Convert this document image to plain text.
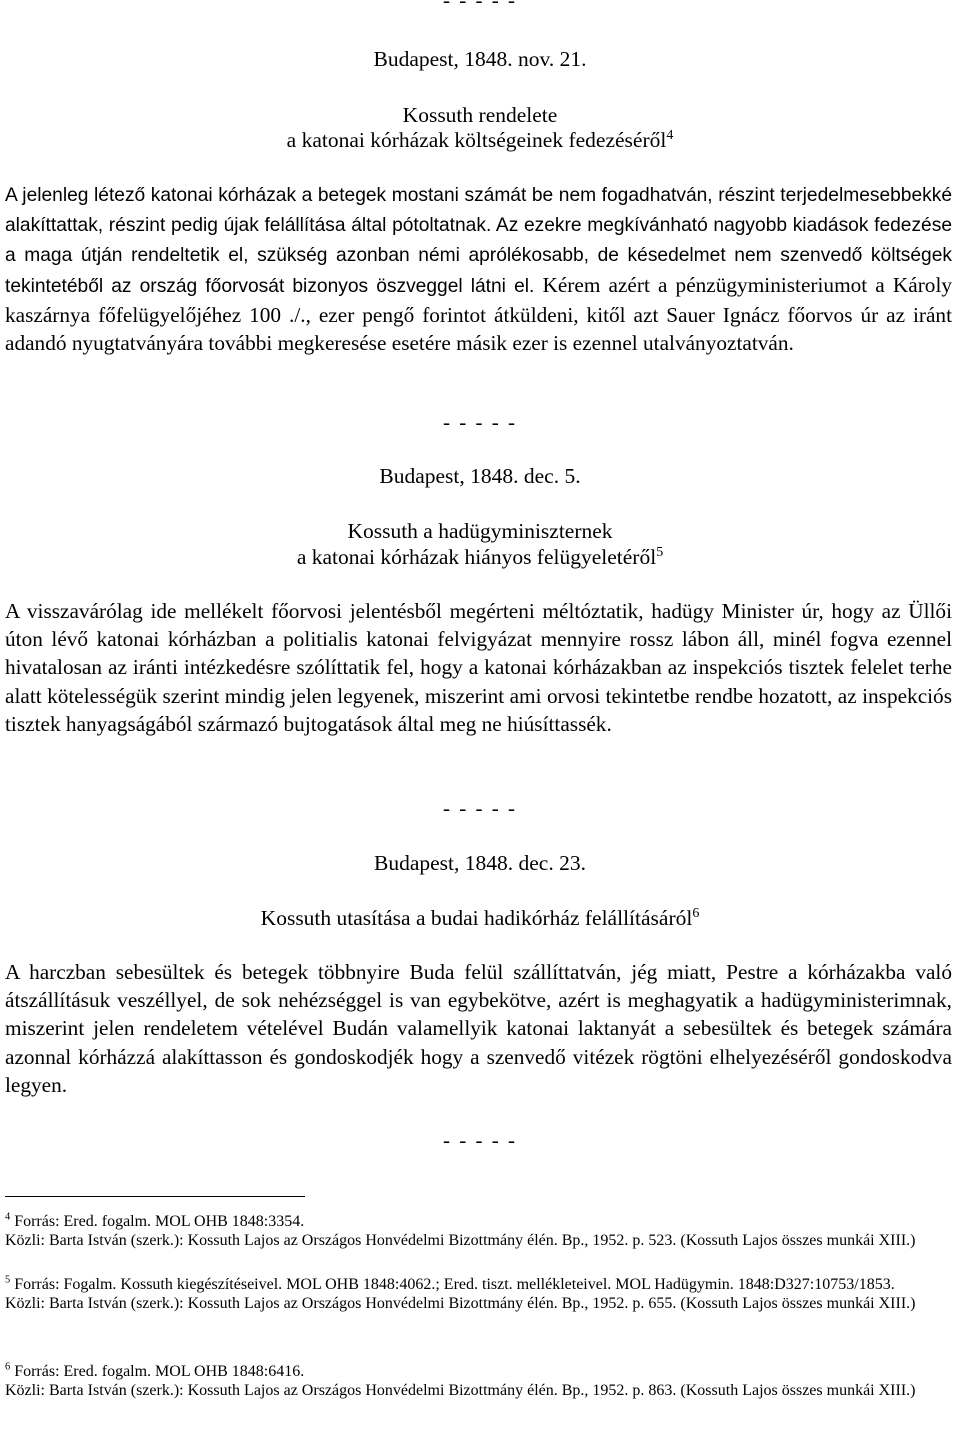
- - - - -
Budapest, 1848. nov. 21.
Kossuth rendelete
a katonai kórházak költségeinek fedezéséről$^4$
A jelenleg létező katonai kórházak a betegek mostani számát be nem fogadhatván, részint terjedelmesebbekké alakíttattak, részint pedig újak felállítása által pótoltatnak. Az ezekre megkívánható nagyobb kiadások fedezése a maga útján rendeltetik el, szükség azonban némi aprólékosabb, de késedelmet nem szenvedő költségek tekintetéből az ország főorvosát bizonyos öszveggel látni el. Kérem azért a pénzügyministeriumot a Károly kaszárnya főfelügyelőjéhez 100 ./., ezer pengő forintot átküldeni, kitől azt Sauer Ignácz főorvos úr az iránt adandó nyugtatványára további megkeresése esetére másik ezer is ezennel utalványoztatván.
- - - - -
Budapest, 1848. dec. 5.
Kossuth a hadügyminiszternek
a katonai kórházak hiányos felügyeletéről$^5$
A visszavárólag ide mellékelt főorvosi jelentésből megérteni méltóztatik, hadügy Minister úr, hogy az Üllői úton lévő katonai kórházban a politialis katonai felvigyázat mennyire rossz lábon áll, minél fogva ezennel hivatalosan az iránti intézkedésre szólíttatik fel, hogy a katonai kórházakban az inspekciós tisztek felelet terhe alatt kötelességük szerint mindig jelen legyenek, miszerint ami orvosi tekintetbe rendbe hozatott, az inspekciós tisztek hanyagságából származó bujtogatások által meg ne hiúsíttassék.
- - - - -
Budapest, 1848. dec. 23.
Kossuth utasítása a budai hadikórház felállításáról$^6$
A harczban sebesültek és betegek többnyire Buda felül szállíttatván, jég miatt, Pestre a kórházakba való átszállításuk veszéllyel, de sok nehézséggel is van egybekötve, azért is meghagyatik a hadügyministerimnak, miszerint jelen rendeletem vételével Budán valamellyik katonai laktanyát a sebesültek és betegek számára azonnal kórházzá alakíttasson és gondoskodjék hogy a szenvedő vitézek rögtöni elhelyezéséről gondoskodva legyen.
- - - - -
$^4$ Forrás: Ered. fogalm. MOL OHB 1848:3354.
Közli: Barta István (szerk.): Kossuth Lajos az Országos Honvédelmi Bizottmány élén. Bp., 1952. p. 523. (Kossuth Lajos összes munkái XIII.)
$^5$ Forrás: Fogalm. Kossuth kiegészítéseivel. MOL OHB 1848:4062.; Ered. tiszt. mellékleteivel. MOL Hadügymin. 1848:D327:10753/1853.
Közli: Barta István (szerk.): Kossuth Lajos az Országos Honvédelmi Bizottmány élén. Bp., 1952. p. 655. (Kossuth Lajos összes munkái XIII.)
$^6$ Forrás: Ered. fogalm. MOL OHB 1848:6416.
Közli: Barta István (szerk.): Kossuth Lajos az Országos Honvédelmi Bizottmány élén. Bp., 1952. p. 863. (Kossuth Lajos összes munkái XIII.)
